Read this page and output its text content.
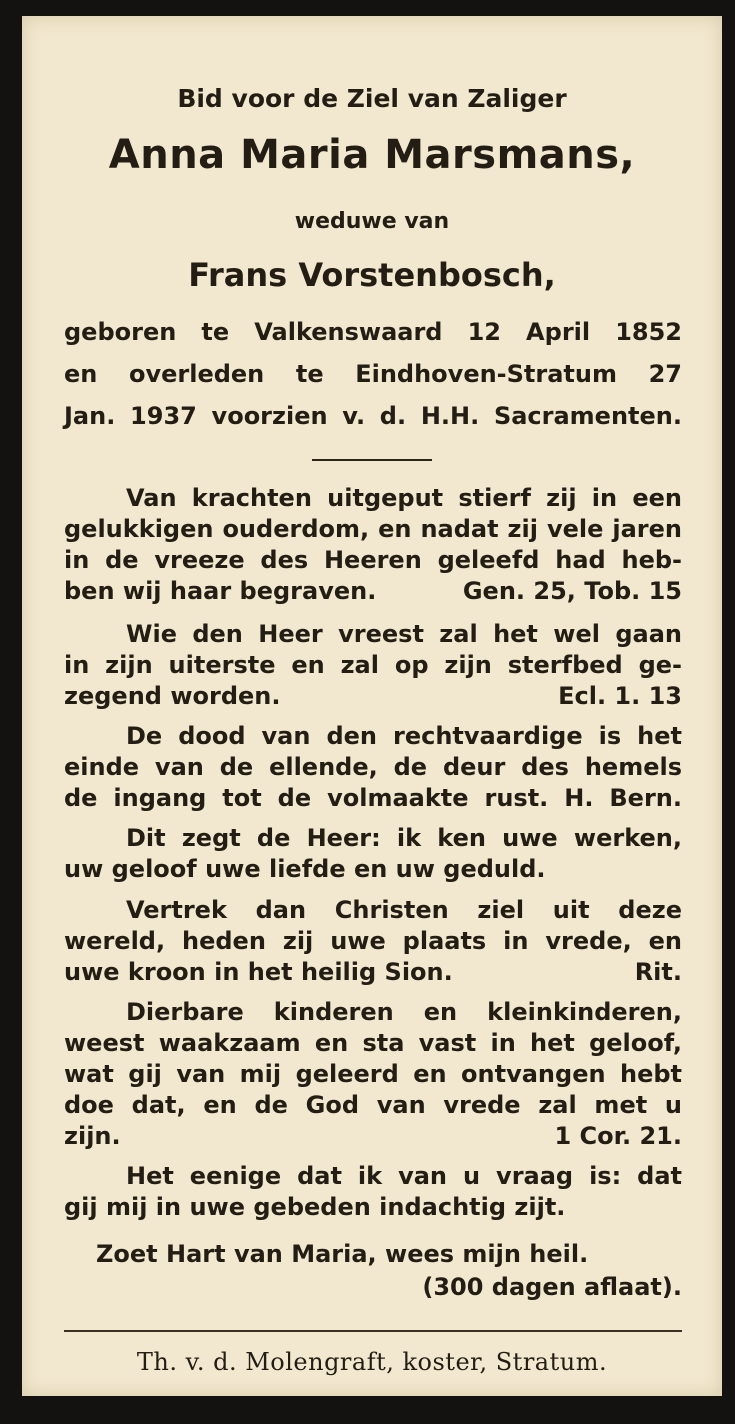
Bid voor de Ziel van Zaliger
Anna Maria Marsmans,
weduwe van
Frans Vorstenbosch,
geboren te Valkenswaard 12 April 1852
en overleden te Eindhoven-Stratum 27
Jan. 1937 voorzien v. d. H.H. Sacramenten.
Van krachten uitgeput stierf zij in een
gelukkigen ouderdom, en nadat zij vele jaren
in de vreeze des Heeren geleefd had heb-
ben wij haar begraven.	Gen. 25, Tob. 15
Wie den Heer vreest zal het wel gaan
in zijn uiterste en zal op zijn sterfbed ge-
zegend worden.	Ecl. 1. 13
De dood van den rechtvaardige is het
einde van de ellende, de deur des hemels
de ingang tot de volmaakte rust. H. Bern.
Dit zegt de Heer: ik ken uwe werken,
uw geloof uwe liefde en uw geduld.
Vertrek dan Christen ziel uit deze
wereld, heden zij uwe plaats in vrede, en
uwe kroon in het heilig Sion.	Rit.
Dierbare kinderen en kleinkinderen,
weest waakzaam en sta vast in het geloof,
wat gij van mij geleerd en ontvangen hebt
doe dat, en de God van vrede zal met u
zijn.	1 Cor. 21.
Het eenige dat ik van u vraag is: dat
gij mij in uwe gebeden indachtig zijt.
Zoet Hart van Maria, wees mijn heil.
(300 dagen aflaat).
Th. v. d. Molengraft, koster, Stratum.
